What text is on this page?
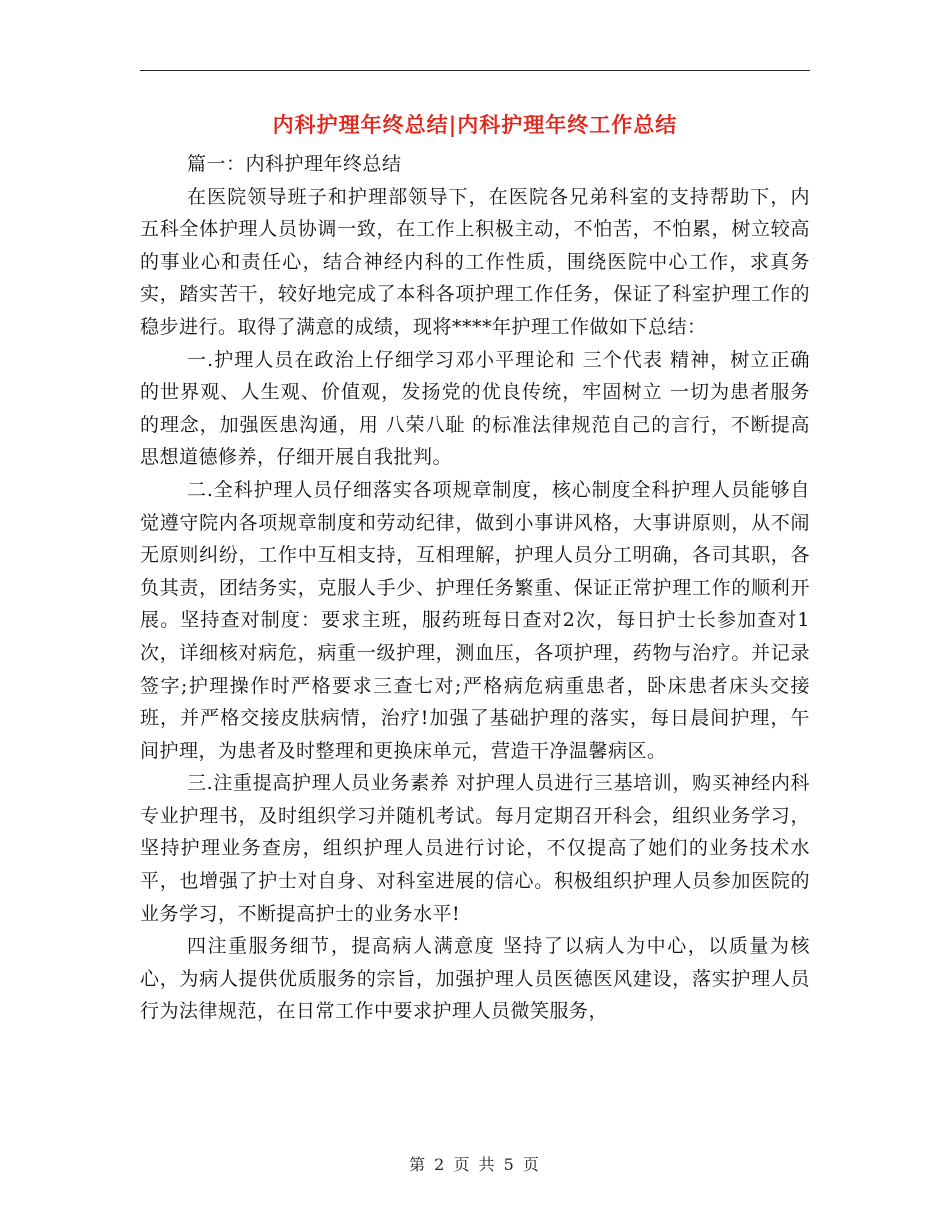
内科护理年终总结|内科护理年终工作总结

篇一：内科护理年终总结

在医院领导班子和护理部领导下，在医院各兄弟科室的支持帮助下，内五科全体护理人员协调一致，在工作上积极主动，不怕苦，不怕累，树立较高的事业心和责任心，结合神经内科的工作性质，围绕医院中心工作，求真务实，踏实苦干，较好地完成了本科各项护理工作任务，保证了科室护理工作的稳步进行。取得了满意的成绩，现将****年护理工作做如下总结：

一.护理人员在政治上仔细学习邓小平理论和 三个代表 精神，树立正确的世界观、人生观、价值观，发扬党的优良传统，牢固树立 一切为患者服务 的理念，加强医患沟通，用 八荣八耻 的标准法律规范自己的言行，不断提高思想道德修养，仔细开展自我批判。

二.全科护理人员仔细落实各项规章制度，核心制度全科护理人员能够自觉遵守院内各项规章制度和劳动纪律，做到小事讲风格，大事讲原则，从不闹无原则纠纷，工作中互相支持，互相理解，护理人员分工明确，各司其职，各负其责，团结务实，克服人手少、护理任务繁重、保证正常护理工作的顺利开展。坚持查对制度：要求主班，服药班每日查对2次，每日护士长参加查对1次，详细核对病危，病重一级护理，测血压，各项护理，药物与治疗。并记录签字;护理操作时严格要求三查七对;严格病危病重患者，卧床患者床头交接班，并严格交接皮肤病情，治疗!加强了基础护理的落实，每日晨间护理，午间护理，为患者及时整理和更换床单元，营造干净温馨病区。

三.注重提高护理人员业务素养 对护理人员进行三基培训，购买神经内科专业护理书，及时组织学习并随机考试。每月定期召开科会，组织业务学习，坚持护理业务查房，组织护理人员进行讨论，不仅提高了她们的业务技术水平，也增强了护士对自身、对科室进展的信心。积极组织护理人员参加医院的业务学习，不断提高护士的业务水平!

四注重服务细节，提高病人满意度 坚持了以病人为中心，以质量为核心，为病人提供优质服务的宗旨，加强护理人员医德医风建设，落实护理人员行为法律规范，在日常工作中要求护理人员微笑服务，

第 2 页 共 5 页
